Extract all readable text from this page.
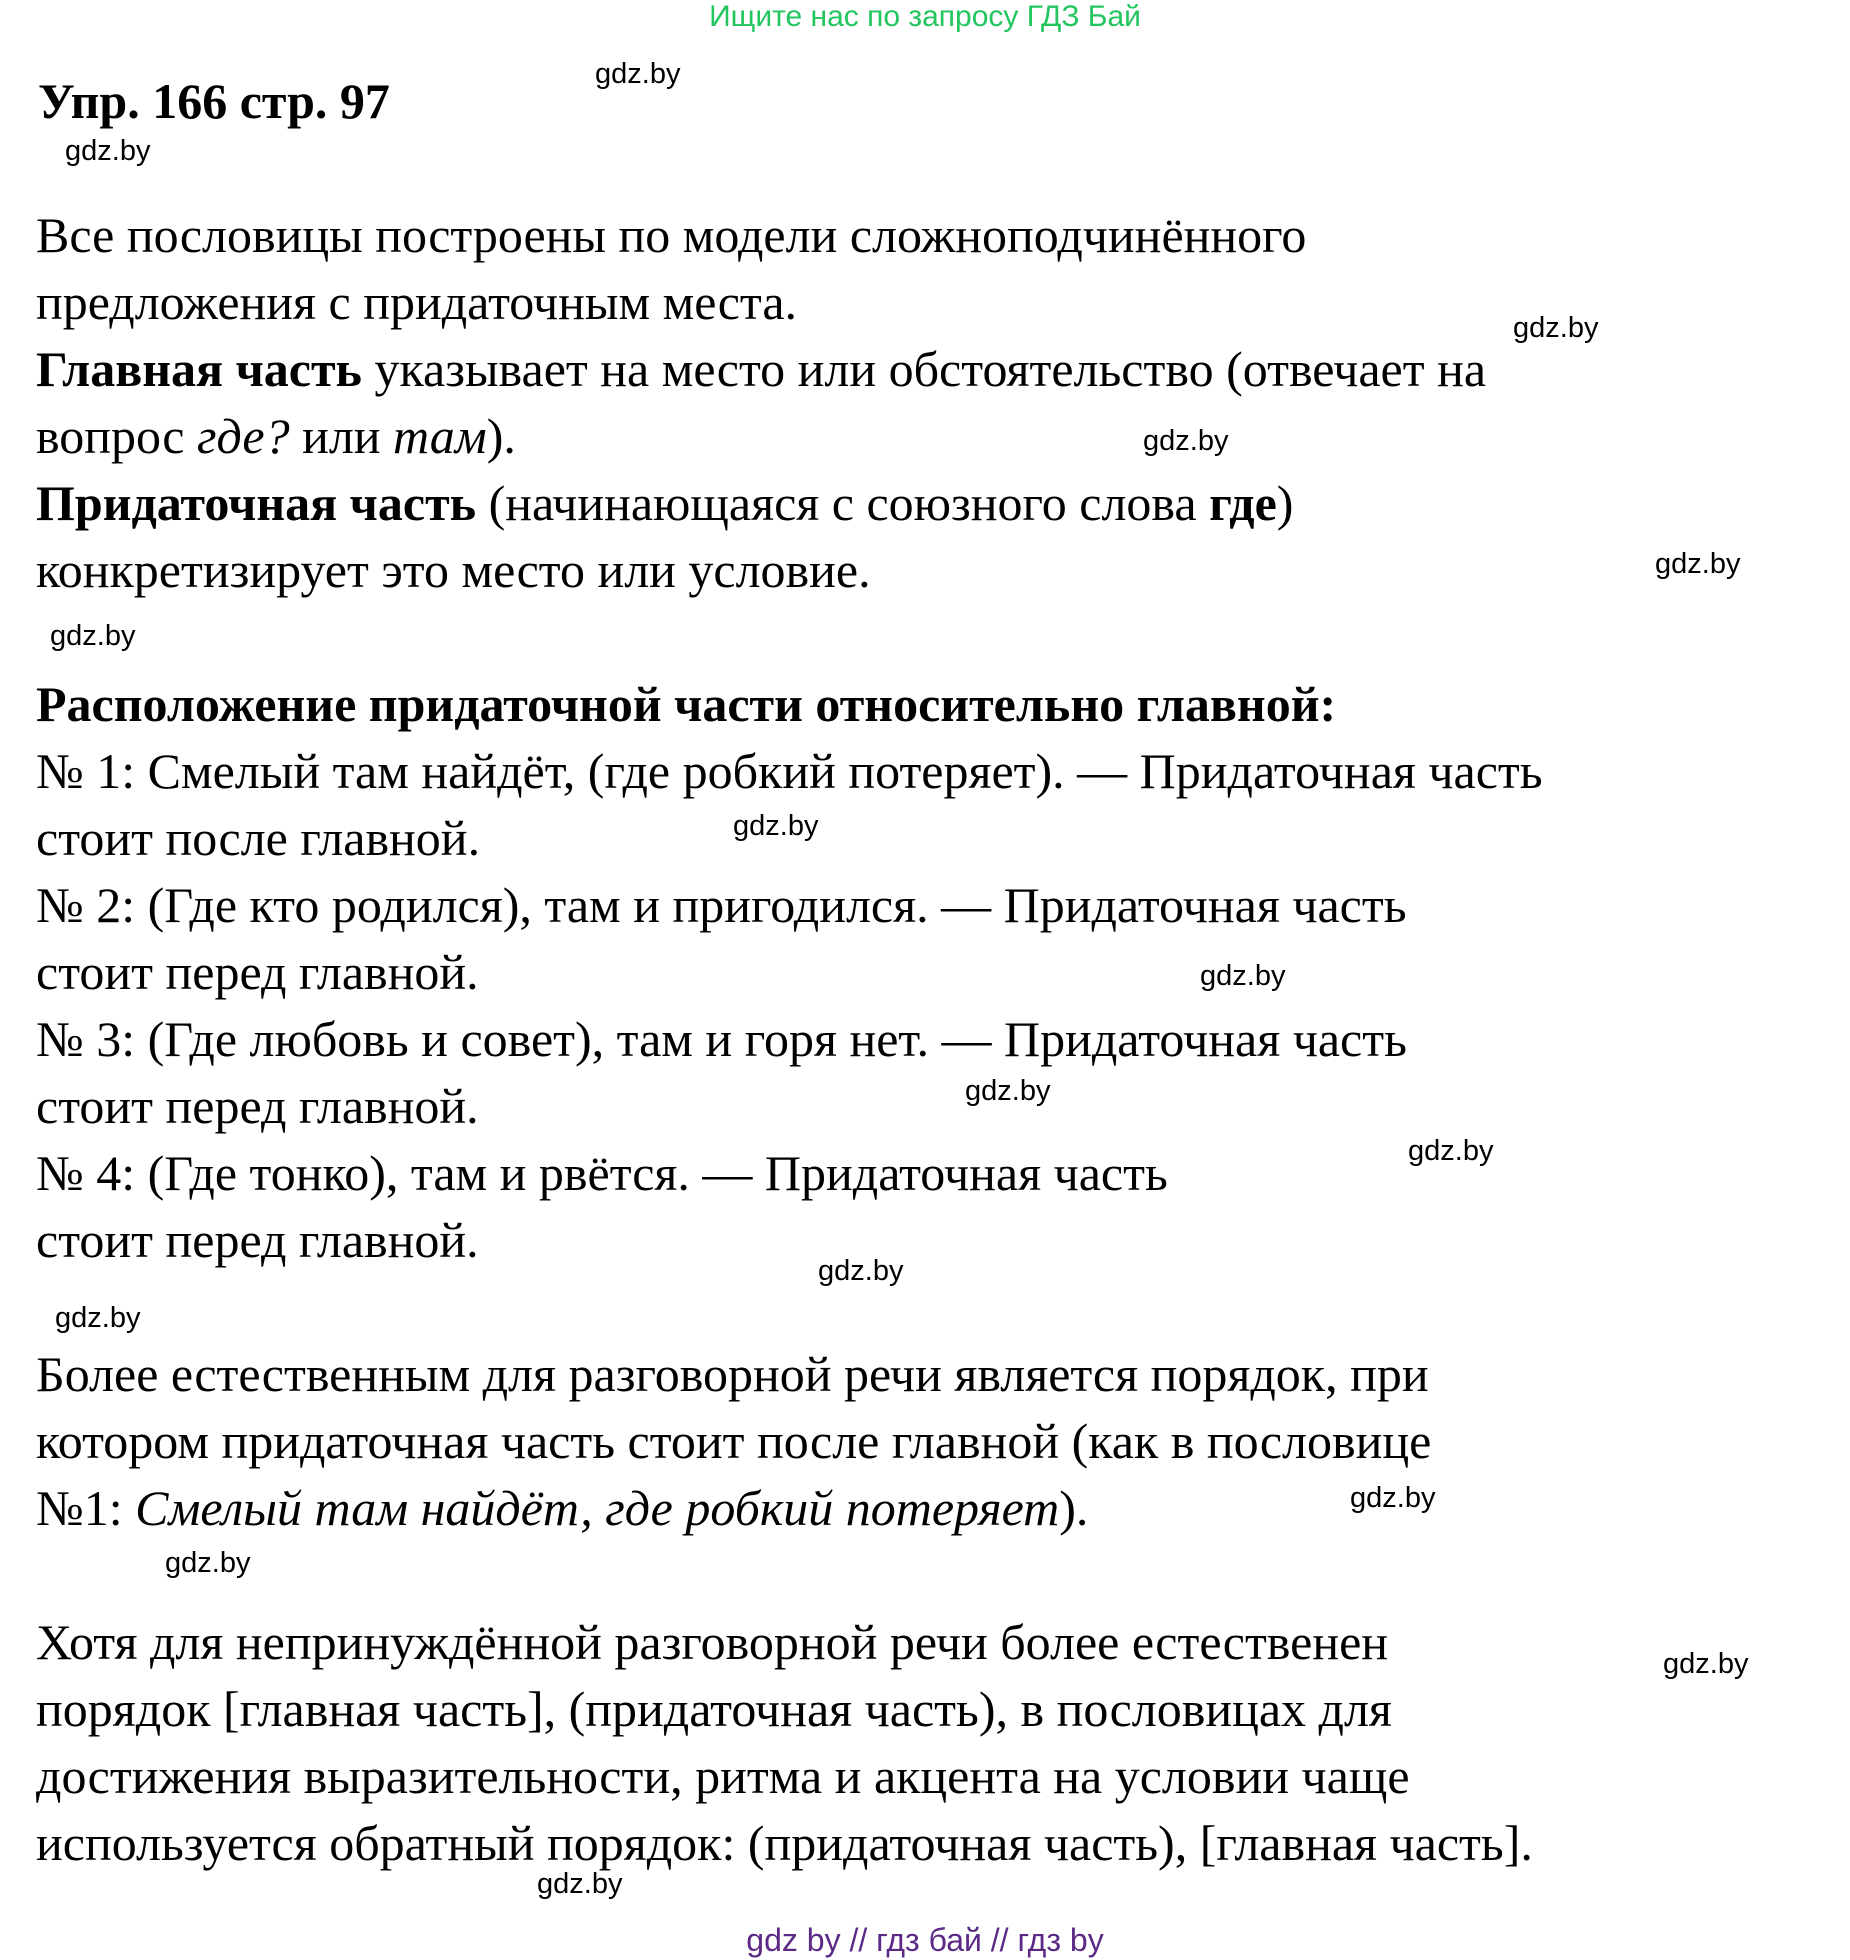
Ищите нас по запросу ГДЗ Бай
Упр. 166 стр. 97
Все пословицы построены по модели сложноподчинённого
предложения с придаточным места.
Главная часть указывает на место или обстоятельство (отвечает на
вопрос где? или там).
Придаточная часть (начинающаяся с союзного слова где)
конкретизирует это место или условие.
Расположение придаточной части относительно главной:
№ 1: Смелый там найдёт, (где робкий потеряет). — Придаточная часть
стоит после главной.
№ 2: (Где кто родился), там и пригодился. — Придаточная часть
стоит перед главной.
№ 3: (Где любовь и совет), там и горя нет. — Придаточная часть
стоит перед главной.
№ 4: (Где тонко), там и рвётся. — Придаточная часть
стоит перед главной.
Более естественным для разговорной речи является порядок, при
котором придаточная часть стоит после главной (как в пословице
№1: Смелый там найдёт, где робкий потеряет).
Хотя для непринуждённой разговорной речи более естественен
порядок [главная часть], (придаточная часть), в пословицах для
достижения выразительности, ритма и акцента на условии чаще
используется обратный порядок: (придаточная часть), [главная часть].
gdz.by
gdz.by
gdz.by
gdz.by
gdz.by
gdz.by
gdz.by
gdz.by
gdz.by
gdz.by
gdz.by
gdz.by
gdz.by
gdz.by
gdz.by
gdz.by
gdz by // гдз бай // гдз by
